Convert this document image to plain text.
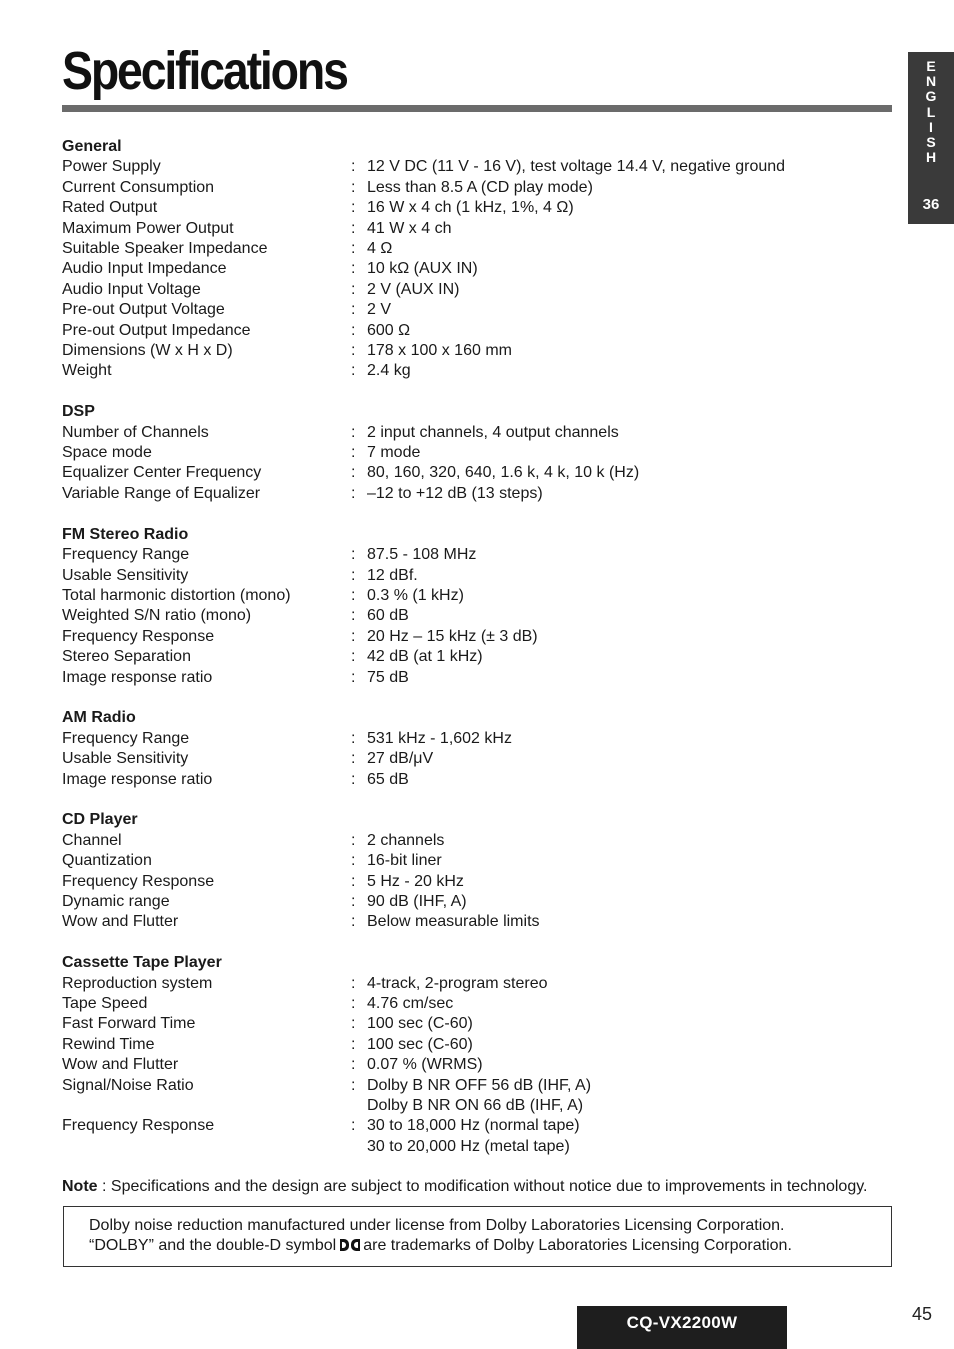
Specifications	E
N
G
L
I
S
H
36
General
Power Supply	: 12 V DC (11 V - 16 V), test voltage 14.4 V, negative ground
Current Consumption	: Less than 8.5 A (CD play mode)
Rated Output	: 16 W x 4 ch (1 kHz, 1%, 4 Ω)
Maximum Power Output	: 41 W x 4 ch
Suitable Speaker Impedance	: 4 Ω
Audio Input Impedance	: 10 kΩ (AUX IN)
Audio Input Voltage	: 2 V (AUX IN)
Pre-out Output Voltage	: 2 V
Pre-out Output Impedance	: 600 Ω
Dimensions (W x H x D)	: 178 x 100 x 160 mm
Weight	: 2.4 kg
DSP
Number of Channels	: 2 input channels, 4 output channels
Space mode	: 7 mode
Equalizer Center Frequency	: 80, 160, 320, 640, 1.6 k, 4 k, 10 k (Hz)
Variable Range of Equalizer	: –12 to +12 dB (13 steps)
FM Stereo Radio
Frequency Range	: 87.5 - 108 MHz
Usable Sensitivity	: 12 dBf.
Total harmonic distortion (mono)	: 0.3 % (1 kHz)
Weighted S/N ratio (mono)	: 60 dB
Frequency Response	: 20 Hz – 15 kHz (± 3 dB)
Stereo Separation	: 42 dB (at 1 kHz)
Image response ratio	: 75 dB
AM Radio
Frequency Range	: 531 kHz - 1,602 kHz
Usable Sensitivity	: 27 dB/μV
Image response ratio	: 65 dB
CD Player
Channel	: 2 channels
Quantization	: 16-bit liner
Frequency Response	: 5 Hz - 20 kHz
Dynamic range	: 90 dB (IHF, A)
Wow and Flutter	: Below measurable limits
Cassette Tape Player
Reproduction system	: 4-track, 2-program stereo
Tape Speed	: 4.76 cm/sec
Fast Forward Time	: 100 sec (C-60)
Rewind Time	: 100 sec (C-60)
Wow and Flutter	: 0.07 % (WRMS)
Signal/Noise Ratio	: Dolby B NR OFF 56 dB (IHF, A)
Dolby B NR ON 66 dB (IHF, A)
Frequency Response	: 30 to 18,000 Hz (normal tape)
30 to 20,000 Hz (metal tape)
Note : Specifications and the design are subject to modification without notice due to improvements in technology.
Dolby noise reduction manufactured under license from Dolby Laboratories Licensing Corporation.
“DOLBY” and the double-D symbol are trademarks of Dolby Laboratories Licensing Corporation.
45
CQ-VX2200W
